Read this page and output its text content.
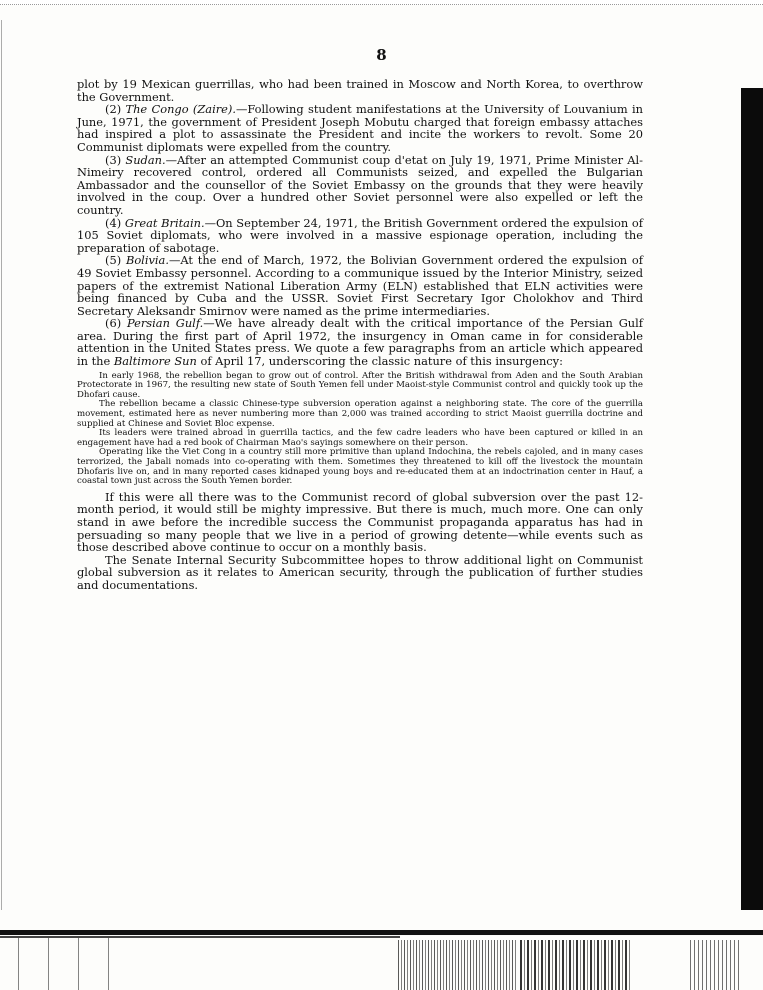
8

plot by 19 Mexican guerrillas, who had been trained in Moscow and North Korea, to overthrow the Government.

(2) The Congo (Zaire).—Following student manifestations at the University of Louvanium in June, 1971, the government of President Joseph Mobutu charged that foreign embassy attaches had inspired a plot to assassinate the President and incite the workers to revolt. Some 20 Communist diplomats were expelled from the country.

(3) Sudan.—After an attempted Communist coup d'etat on July 19, 1971, Prime Minister Al-Nimeiry recovered control, ordered all Communists seized, and expelled the Bulgarian Ambassador and the counsellor of the Soviet Embassy on the grounds that they were heavily involved in the coup. Over a hundred other Soviet personnel were also expelled or left the country.

(4) Great Britain.—On September 24, 1971, the British Government ordered the expulsion of 105 Soviet diplomats, who were involved in a massive espionage operation, including the preparation of sabotage.

(5) Bolivia.—At the end of March, 1972, the Bolivian Government ordered the expulsion of 49 Soviet Embassy personnel. According to a communique issued by the Interior Ministry, seized papers of the extremist National Liberation Army (ELN) established that ELN activities were being financed by Cuba and the USSR. Soviet First Secretary Igor Cholokhov and Third Secretary Aleksandr Smirnov were named as the prime intermediaries.

(6) Persian Gulf.—We have already dealt with the critical importance of the Persian Gulf area. During the first part of April 1972, the insurgency in Oman came in for considerable attention in the United States press. We quote a few paragraphs from an article which appeared in the Baltimore Sun of April 17, underscoring the classic nature of this insurgency:

In early 1968, the rebellion began to grow out of control. After the British withdrawal from Aden and the South Arabian Protectorate in 1967, the resulting new state of South Yemen fell under Maoist-style Communist control and quickly took up the Dhofari cause.

The rebellion became a classic Chinese-type subversion operation against a neighboring state. The core of the guerrilla movement, estimated here as never numbering more than 2,000 was trained according to strict Maoist guerrilla doctrine and supplied at Chinese and Soviet Bloc expense.

Its leaders were trained abroad in guerrilla tactics, and the few cadre leaders who have been captured or killed in an engagement have had a red book of Chairman Mao's sayings somewhere on their person.

Operating like the Viet Cong in a country still more primitive than upland Indochina, the rebels cajoled, and in many cases terrorized, the Jabali nomads into co-operating with them. Sometimes they threatened to kill off the livestock the mountain Dhofaris live on, and in many reported cases kidnaped young boys and re-educated them at an indoctrination center in Hauf, a coastal town just across the South Yemen border.

If this were all there was to the Communist record of global subversion over the past 12-month period, it would still be mighty impressive. But there is much, much more. One can only stand in awe before the incredible success the Communist propaganda apparatus has had in persuading so many people that we live in a period of growing detente—while events such as those described above continue to occur on a monthly basis.

The Senate Internal Security Subcommittee hopes to throw additional light on Communist global subversion as it relates to American security, through the publication of further studies and documentations.
